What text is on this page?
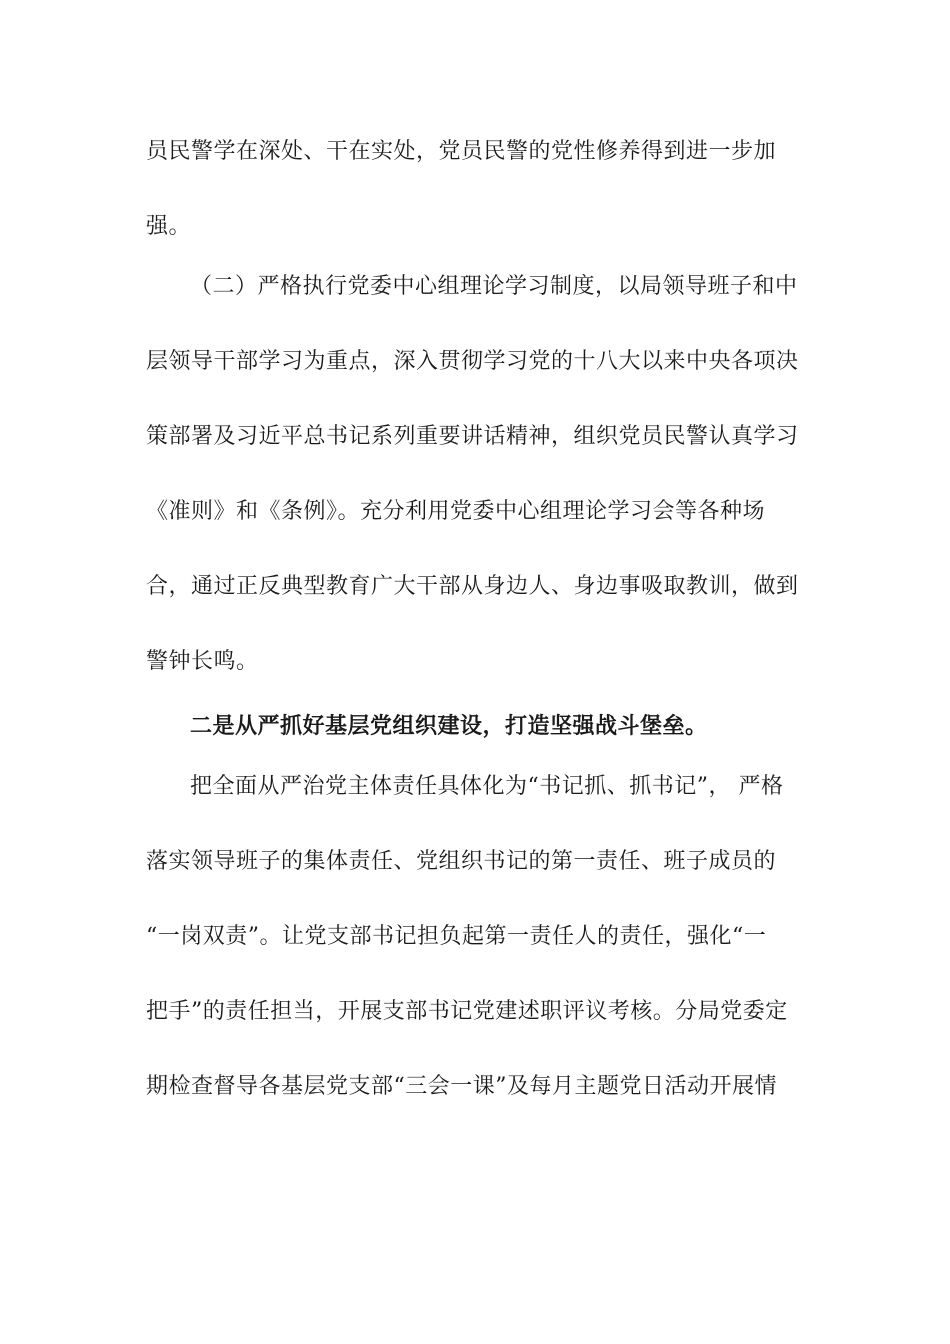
员民警学在深处、干在实处，党员民警的党性修养得到进一步加
强。
（二）严格执行党委中心组理论学习制度，以局领导班子和中
层领导干部学习为重点，深入贯彻学习党的十八大以来中央各项决
策部署及习近平总书记系列重要讲话精神，组织党员民警认真学习
《准则》和《条例》。充分利用党委中心组理论学习会等各种场
合，通过正反典型教育广大干部从身边人、身边事吸取教训，做到
警钟长鸣。
二是从严抓好基层党组织建设，打造坚强战斗堡垒。
把全面从严治党主体责任具体化为“书记抓、抓书记”， 严格
落实领导班子的集体责任、党组织书记的第一责任、班子成员的
“一岗双责”。让党支部书记担负起第一责任人的责任，强化“一
把手”的责任担当，开展支部书记党建述职评议考核。分局党委定
期检查督导各基层党支部“三会一课”及每月主题党日活动开展情
